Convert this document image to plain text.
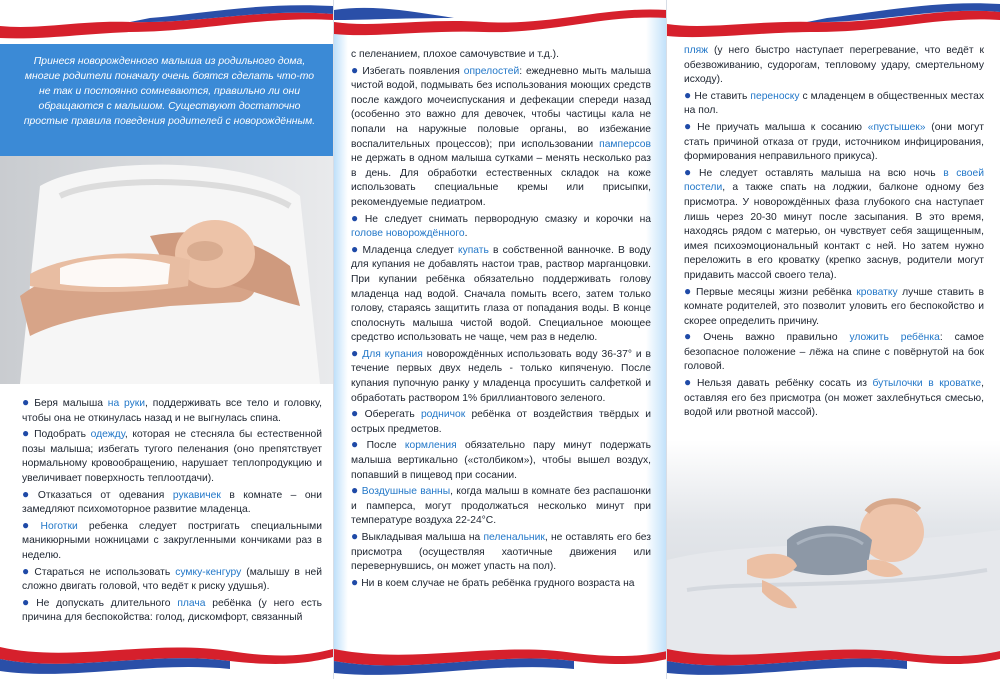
Принеся новорожденного малыша из родильного дома, многие родители поначалу очень боятся сделать что-то не так и постоянно сомневаются, правильно ли они обращаются с малышом. Существуют достаточно простые правила поведения родителей с новорождённым.

● Беря малыша на руки, поддерживать все тело и головку, чтобы она не откинулась назад и не выгнулась спина.

● Подобрать одежду, которая не стесняла бы естественной позы малыша; избегать тугого пеленания (оно препятствует нормальному кровообращению, нарушает теплопродукцию и увеличивает поверхность теплоотдачи).

● Отказаться от одевания рукавичек в комнате – они замедляют психомоторное развитие младенца.

● Ноготки ребенка следует постригать специальными маникюрными ножницами с закругленными кончиками раз в неделю.

● Стараться не использовать сумку-кенгуру (малышу в ней сложно двигать головой, что ведёт к риску удушья).

● Не допускать длительного плача ребёнка (у него есть причина для беспокойства: голод, дискомфорт, связанный

с пеленанием, плохое самочувствие и т.д.).

● Избегать появления опрелостей: ежедневно мыть малыша чистой водой, подмывать без использования моющих средств после каждого мочеиспускания и дефекации спереди назад (особенно это важно для девочек, чтобы частицы кала не попали на наружные половые органы, во избежание воспалительных процессов); при использовании памперсов не держать в одном малыша сутками – менять несколько раз в день. Для обработки естественных складок на коже использовать специальные кремы или присыпки, рекомендуемые педиатром.

● Не следует снимать первородную смазку и корочки на голове новорождённого.

● Младенца следует купать в собственной ванночке. В воду для купания не добавлять настои трав, раствор марганцовки. При купании ребёнка обязательно поддерживать голову младенца над водой. Сначала помыть всего, затем только голову, стараясь защитить глаза от попадания воды. В конце сполоснуть малыша чистой водой. Специальное моющее средство использовать не чаще, чем раз в неделю.

● Для купания новорождённых использовать воду 36-37° и в течение первых двух недель - только кипяченую. После купания пупочную ранку у младенца просушить салфеткой и обработать раствором 1% бриллиантового зеленого.

● Оберегать родничок ребёнка от воздействия твёрдых и острых предметов.

● После кормления обязательно пару минут подержать малыша вертикально («столбиком»), чтобы вышел воздух, попавший в пищевод при сосании.

● Воздушные ванны, когда малыш в комнате без распашонки и памперса, могут продолжаться несколько минут при температуре воздуха 22-24°С.

● Выкладывая малыша на пеленальник, не оставлять его без присмотра (осуществляя хаотичные движения или перевернувшись, он может упасть на пол).

● Ни в коем случае не брать ребёнка грудного возраста на

пляж (у него быстро наступает перегревание, что ведёт к обезвоживанию, судорогам, тепловому удару, смертельному исходу).

● Не ставить переноску с младенцем в общественных местах на пол.

● Не приучать малыша к сосанию «пустышек» (они могут стать причиной отказа от груди, источником инфицирования, формирования неправильного прикуса).

● Не следует оставлять малыша на всю ночь в своей постели, а также спать на лоджии, балконе одному без присмотра. У новорождённых фаза глубокого сна наступает лишь через 20-30 минут после засыпания. В это время, находясь рядом с матерью, он чувствует себя защищенным, имея психоэмоциональный контакт с ней. Но затем нужно переложить в его кроватку (крепко заснув, родители могут придавить массой своего тела).

● Первые месяцы жизни ребёнка кроватку лучше ставить в комнате родителей, это позволит уловить его беспокойство и скорее определить причину.

● Очень важно правильно уложить ребёнка: самое безопасное положение – лёжа на спине с повёрнутой на бок головой.

● Нельзя давать ребёнку сосать из бутылочки в кроватке, оставляя его без присмотра (он может захлебнуться смесью, водой или рвотной массой).
